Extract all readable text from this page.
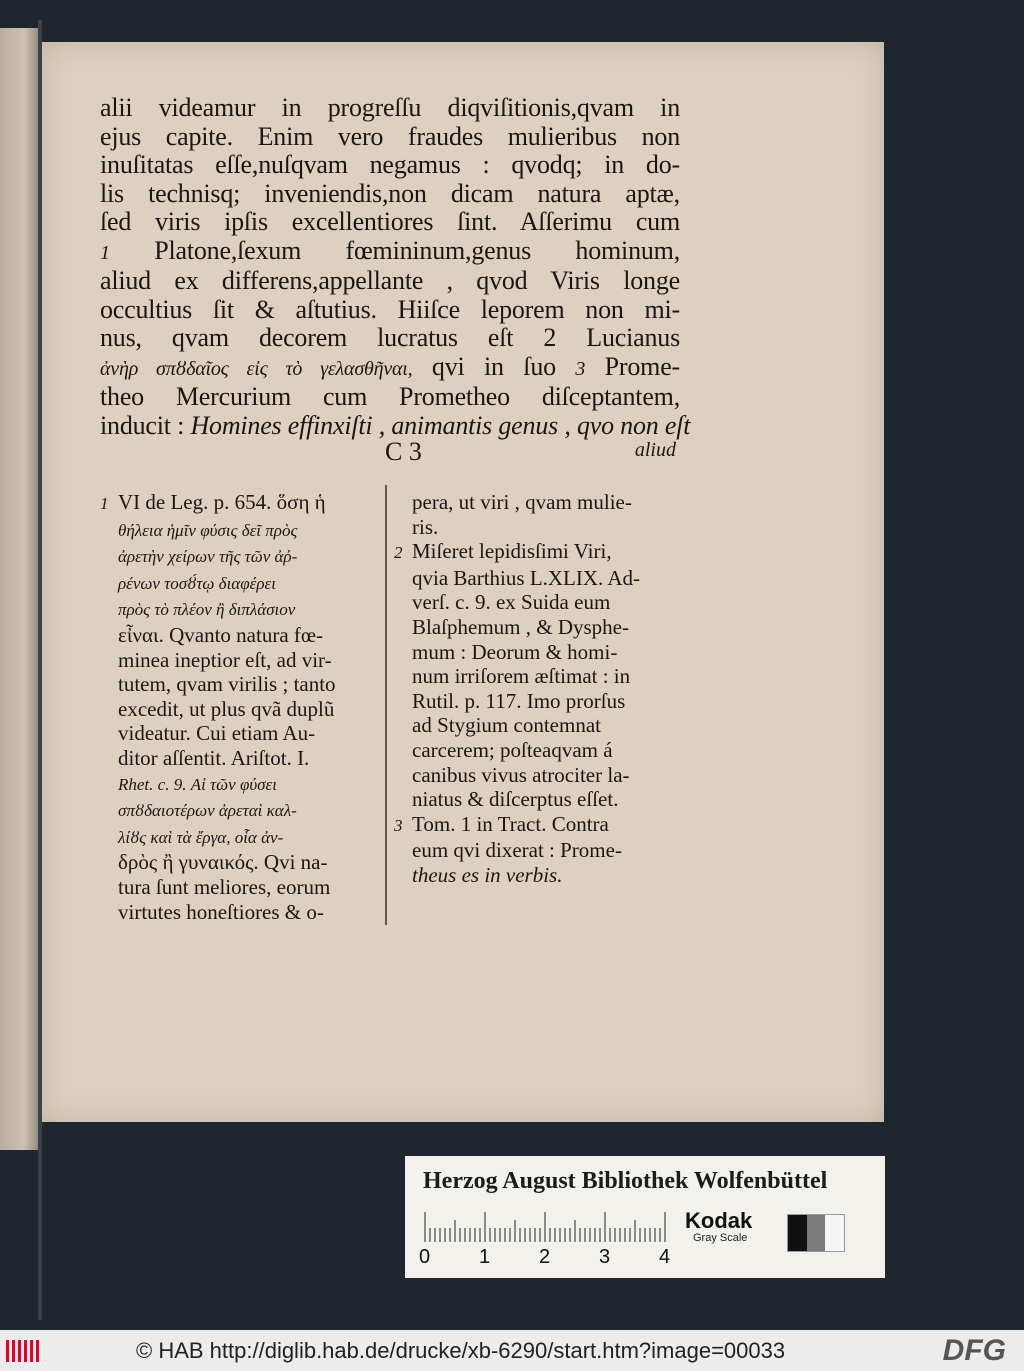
alii videamur in progreſſu diqviſitionis,qvam in
ejus capite. Enim vero fraudes mulieribus non
inuſitatas eſſe,nuſqvam negamus : qvodq; in do-
lis technisq; inveniendis,non dicam natura aptæ,
ſed viris ipſis excellentiores ſint. Aſſerimu cum
1 Platone,ſexum fœmininum,genus hominum,
aliud ex differens,appellante , qvod Viris longe
occultius ſit & aſtutius. Hiiſce leporem non mi-
nus, qvam decorem lucratus eſt 2 Lucianus
ἀνὴρ σπȣδαῖος εἰς τὸ γελασθῆναι, qvi in ſuo 3 Prome-
theo Mercurium cum Prometheo diſceptantem,
inducit : Homines effinxiſti , animantis genus , qvo non eſt
C 3	aliud
1 VI de Leg. p. 654. ὅση ἡ
θήλεια ἡμῖν φύσις δεῖ πρὸς
ἀρετὴν χείρων τῆς τῶν ἀῤ-
ρένων τοσȣ́τῳ διαφέρει
πρὸς τὸ πλέον ἢ διπλάσιον
εἶναι. Qvanto natura fœ-
minea ineptior eſt, ad vir-
tutem, qvam virilis ; tanto
excedit, ut plus qvã duplũ
videatur. Cui etiam Au-
ditor aſſentit. Ariſtot. I.
Rhet. c. 9. Αἱ τῶν φύσει
σπȣδαιοτέρων ἀρεταὶ καλ-
λίȣς καὶ τὰ ἔργα, οἷα ἀν-
δρὸς ἢ γυναικός. Qvi na-
tura ſunt meliores, eorum
virtutes honeſtiores & o-
pera, ut viri , qvam mulie-
ris.
2 Miſeret lepidisſimi Viri,
qvia Barthius L.XLIX. Ad-
verſ. c. 9. ex Suida eum
Blaſphemum , & Dysphe-
mum : Deorum & homi-
num irriſorem æſtimat : in
Rutil. p. 117. Imo prorſus
ad Stygium contemnat
carcerem; poſteaqvam á
canibus vivus atrociter la-
niatus & diſcerptus eſſet.
3 Tom. 1 in Tract. Contra
eum qvi dixerat : Prome-
theus es in verbis.
Herzog August Bibliothek Wolfenbüttel
0 1 2 3 4
Kodak
Gray Scale
© HAB http://diglib.hab.de/drucke/xb-6290/start.htm?image=00033	DFG
